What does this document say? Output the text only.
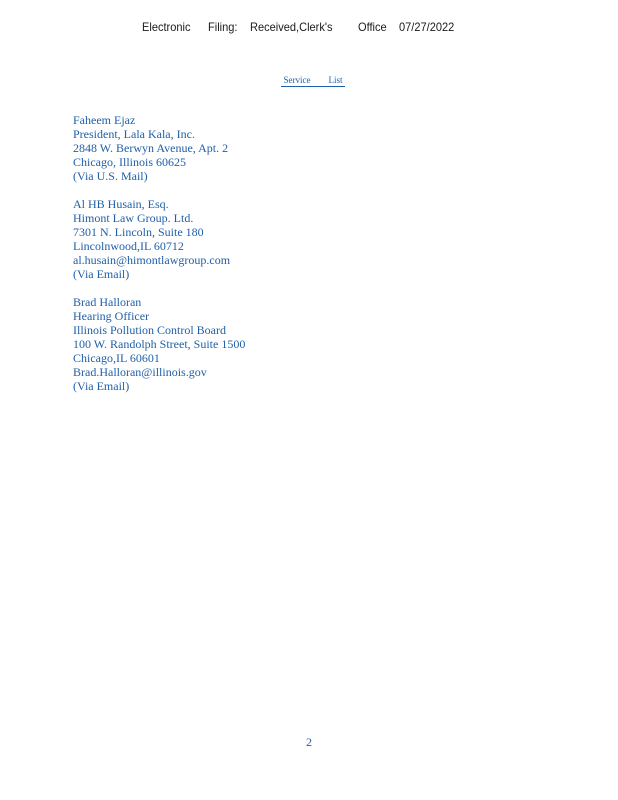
Electronic Filing: Received,Clerk's Office 07/27/2022
Service List
Faheem Ejaz
President, Lala Kala, Inc.
2848 W. Berwyn Avenue, Apt. 2
Chicago, Illinois 60625
(Via U.S. Mail)
Al HB Husain, Esq.
Himont Law Group. Ltd.
7301 N. Lincoln, Suite 180
Lincolnwood,IL 60712
al.husain@himontlawgroup.com
(Via Email)
Brad Halloran
Hearing Officer
Illinois Pollution Control Board
100 W. Randolph Street, Suite 1500
Chicago,IL 60601
Brad.Halloran@illinois.gov
(Via Email)
2
